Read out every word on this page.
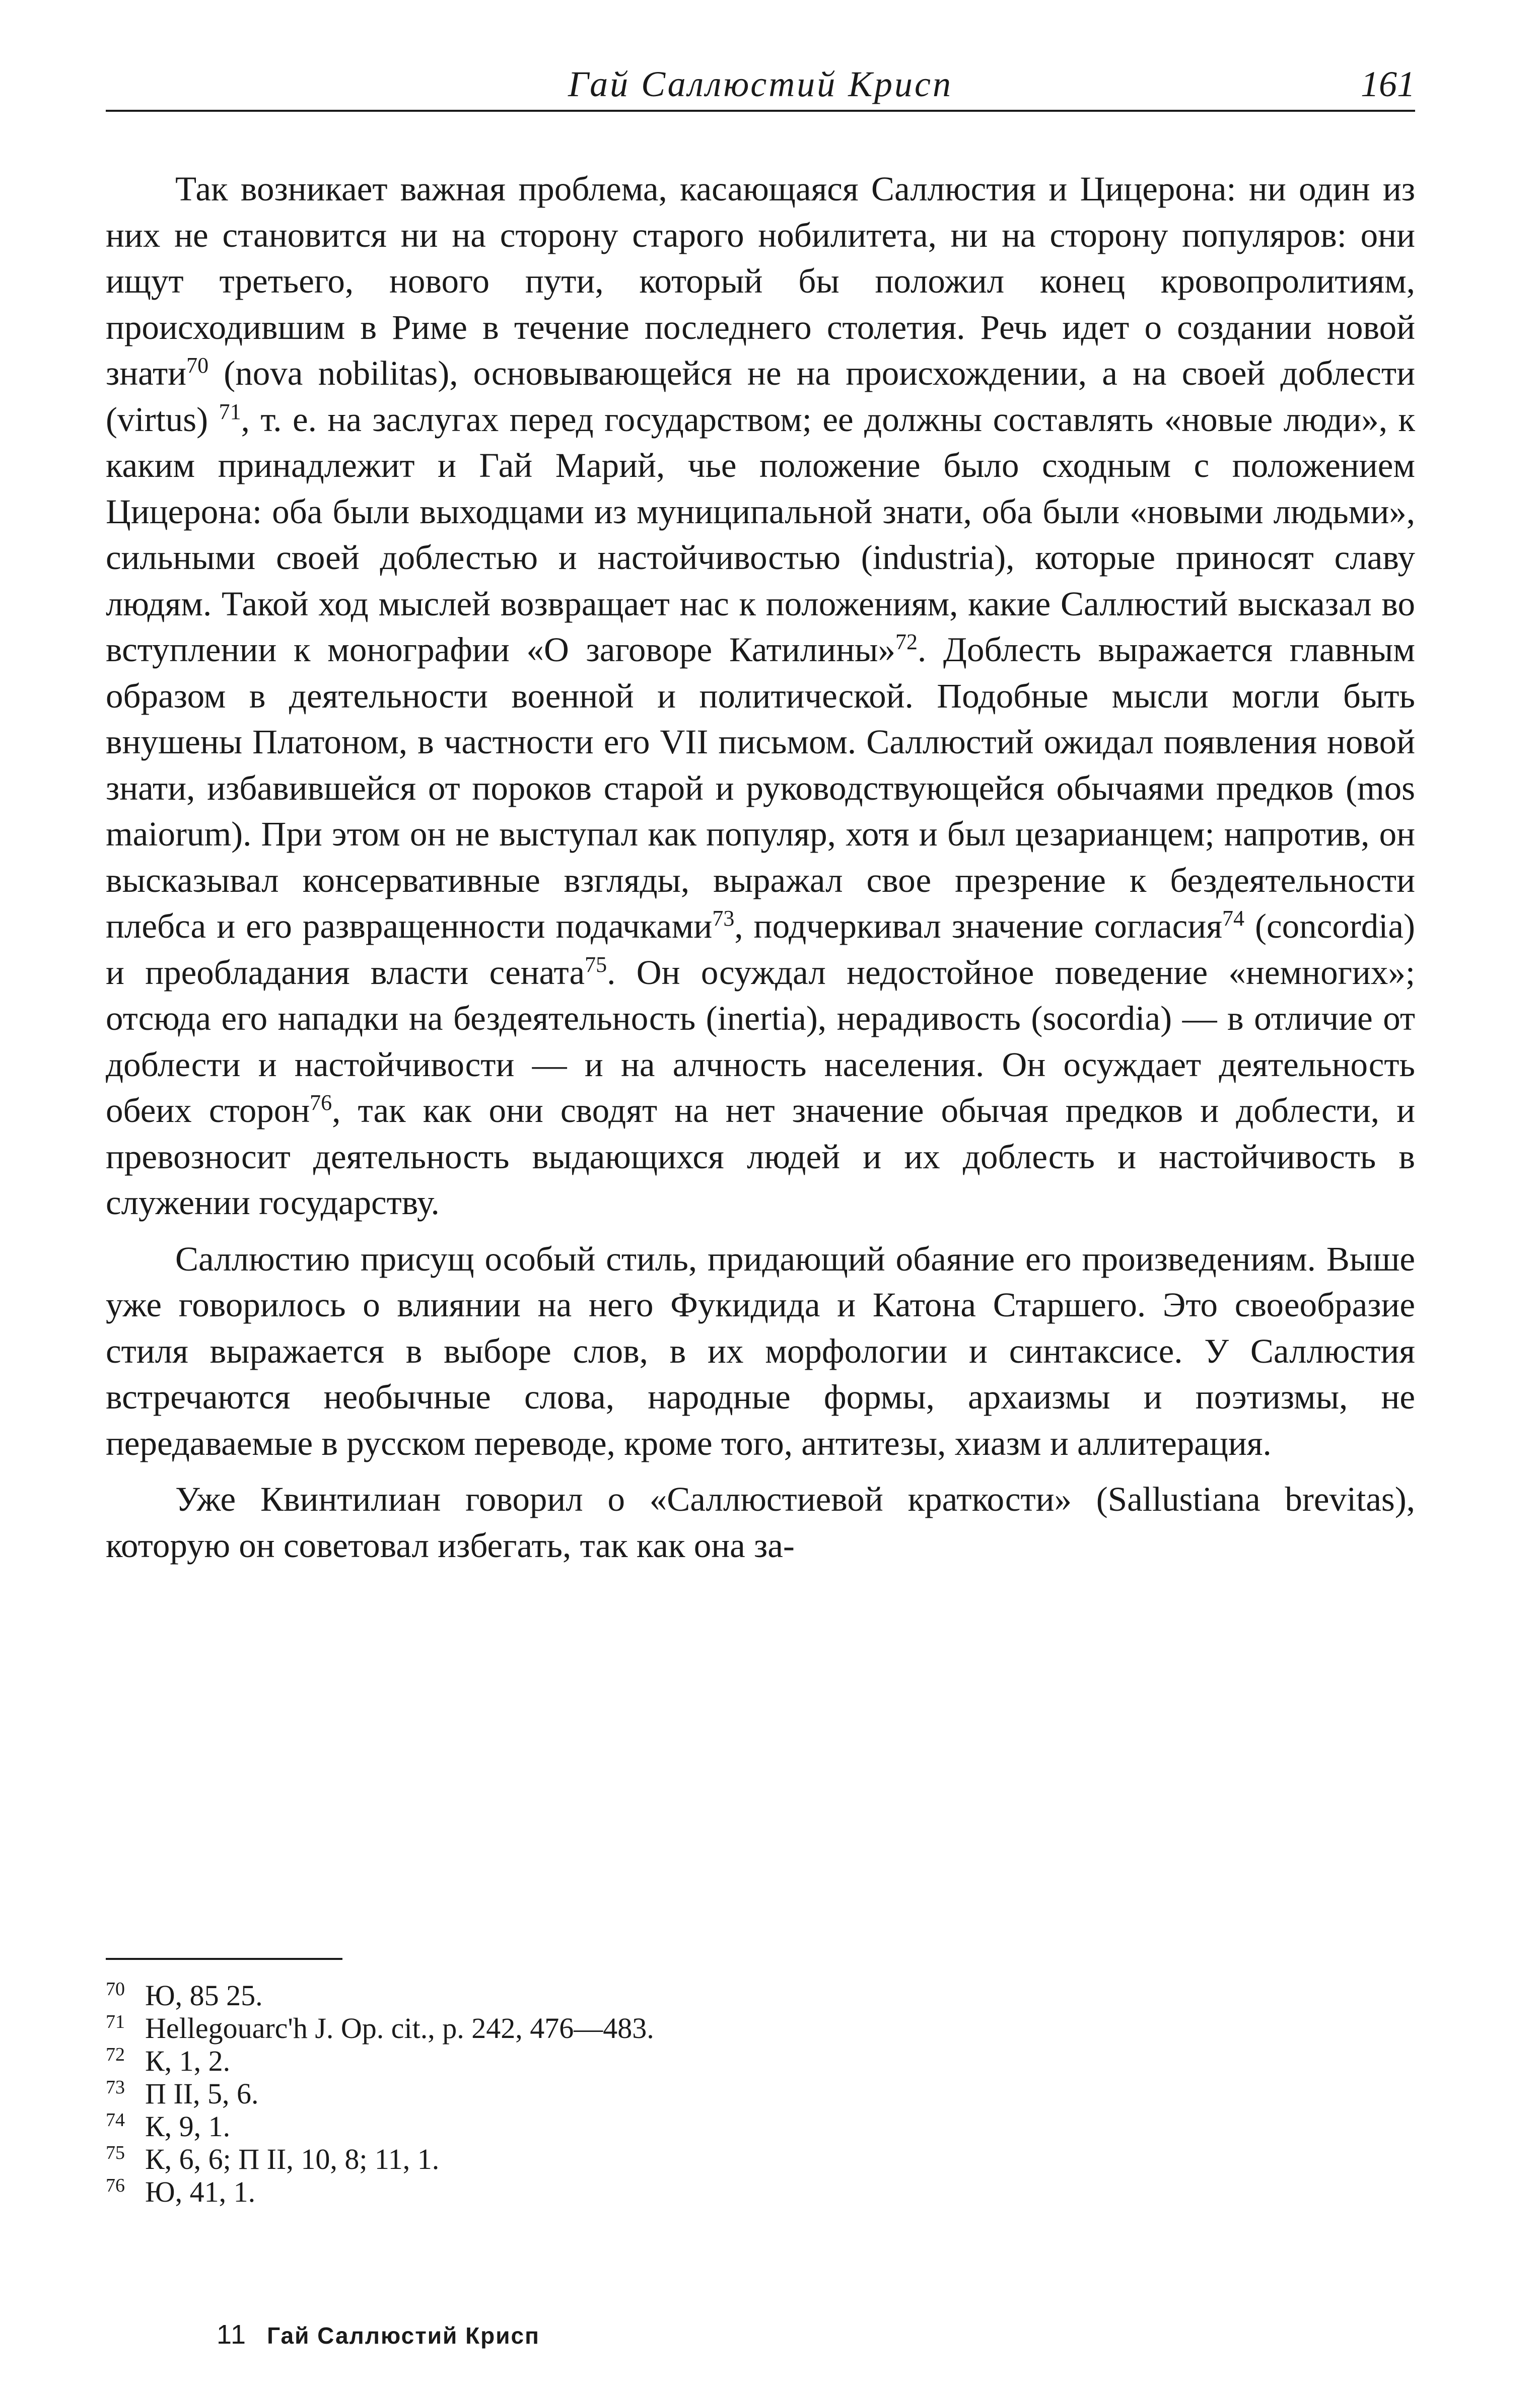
Гай Саллюстий Крисп	161

Так возникает важная проблема, касающаяся Саллюстия и Цицерона: ни один из них не становится ни на сторону старого нобилитета, ни на сторону популяров: они ищут третьего, нового пути, который бы положил конец кровопролитиям, происходившим в Риме в течение последнего столетия. Речь идет о создании новой знати$^{70}$ (nova nobilitas), основывающейся не на происхождении, а на своей доблести (virtus) $^{71}$, т. е. на заслугах перед государством; ее должны составлять «новые люди», к каким принадлежит и Гай Марий, чье положение было сходным с положением Цицерона: оба были выходцами из муниципальной знати, оба были «новыми людьми», сильными своей доблестью и настойчивостью (industria), которые приносят славу людям. Такой ход мыслей возвращает нас к положениям, какие Саллюстий высказал во вступлении к монографии «О заговоре Катилины»$^{72}$. Доблесть выражается главным образом в деятельности военной и политической. Подобные мысли могли быть внушены Платоном, в частности его VII письмом. Саллюстий ожидал появления новой знати, избавившейся от пороков старой и руководствующейся обычаями предков (mos maiorum). При этом он не выступал как популяр, хотя и был цезарианцем; напротив, он высказывал консервативные взгляды, выражал свое презрение к бездеятельности плебса и его развращенности подачками$^{73}$, подчеркивал значение согласия$^{74}$ (concordia) и преобладания власти сената$^{75}$. Он осуждал недостойное поведение «немногих»; отсюда его нападки на бездеятельность (inertia), нерадивость (socordia) — в отличие от доблести и настойчивости — и на алчность населения. Он осуждает деятельность обеих сторон$^{76}$, так как они сводят на нет значение обычая предков и доблести, и превозносит деятельность выдающихся людей и их доблесть и настойчивость в служении государству.

Саллюстию присущ особый стиль, придающий обаяние его произведениям. Выше уже говорилось о влиянии на него Фукидида и Катона Старшего. Это своеобразие стиля выражается в выборе слов, в их морфологии и синтаксисе. У Саллюстия встречаются необычные слова, народные формы, архаизмы и поэтизмы, не передаваемые в русском переводе, кроме того, антитезы, хиазм и аллитерация.

Уже Квинтилиан говорил о «Саллюстиевой краткости» (Sallustiana brevitas), которую он советовал избегать, так как она за-

70 Ю, 85 25.
71 Hellegouarc'h J. Op. cit., p. 242, 476—483.
72 К, 1, 2.
73 П II, 5, 6.
74 К, 9, 1.
75 К, 6, 6; П II, 10, 8; 11, 1.
76 Ю, 41, 1.
11 Гай Саллюстий Крисп
